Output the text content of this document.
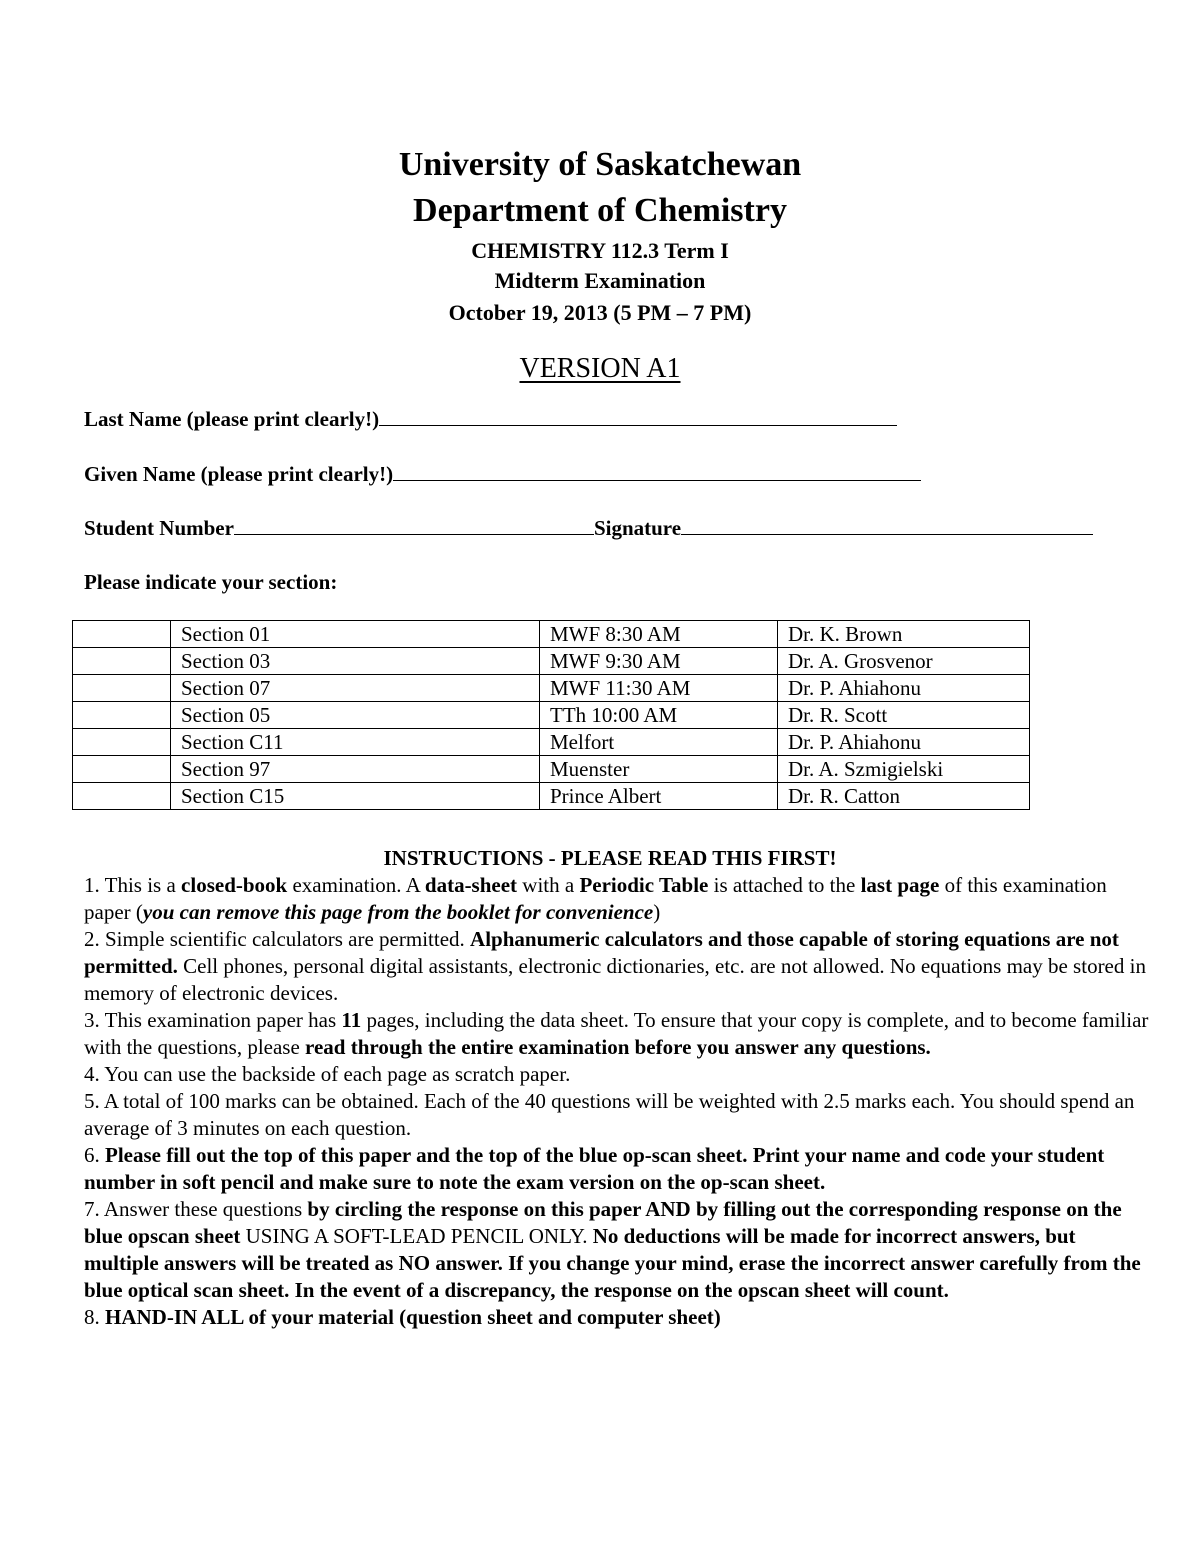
University of Saskatchewan
Department of Chemistry
CHEMISTRY 112.3 Term I
Midterm Examination
October 19, 2013 (5 PM – 7 PM)
VERSION A1
Last Name (please print clearly!)
Given Name (please print clearly!)
Student Number	Signature
Please indicate your section:
	Section 01	MWF 8:30 AM	Dr. K. Brown
	Section 03	MWF 9:30 AM	Dr. A. Grosvenor
	Section 07	MWF 11:30 AM	Dr. P. Ahiahonu
	Section 05	TTh 10:00 AM	Dr. R. Scott
	Section C11	Melfort	Dr. P. Ahiahonu
	Section 97	Muenster	Dr. A. Szmigielski
	Section C15	Prince Albert	Dr. R. Catton
INSTRUCTIONS - PLEASE READ THIS FIRST!

1. This is a closed-book examination. A data-sheet with a Periodic Table is attached to the last page of this examination paper (you can remove this page from the booklet for convenience)

2. Simple scientific calculators are permitted. Alphanumeric calculators and those capable of storing equations are not permitted. Cell phones, personal digital assistants, electronic dictionaries, etc. are not allowed. No equations may be stored in memory of electronic devices.

3. This examination paper has 11 pages, including the data sheet. To ensure that your copy is complete, and to become familiar with the questions, please read through the entire examination before you answer any questions.

4. You can use the backside of each page as scratch paper.

5. A total of 100 marks can be obtained. Each of the 40 questions will be weighted with 2.5 marks each. You should spend an average of 3 minutes on each question.

6. Please fill out the top of this paper and the top of the blue op-scan sheet. Print your name and code your student number in soft pencil and make sure to note the exam version on the op-scan sheet.

7. Answer these questions by circling the response on this paper AND by filling out the corresponding response on the blue opscan sheet USING A SOFT-LEAD PENCIL ONLY. No deductions will be made for incorrect answers, but multiple answers will be treated as NO answer. If you change your mind, erase the incorrect answer carefully from the blue optical scan sheet. In the event of a discrepancy, the response on the opscan sheet will count.

8. HAND-IN ALL of your material (question sheet and computer sheet)
